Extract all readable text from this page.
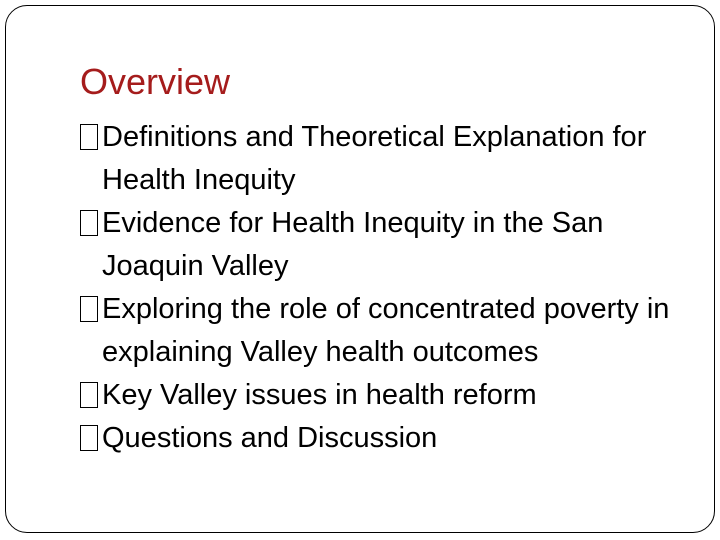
Overview
Definitions and Theoretical Explanation for Health Inequity
Evidence for Health Inequity in the San Joaquin Valley
Exploring the role of concentrated poverty in explaining Valley health outcomes
Key Valley issues in health reform
Questions and Discussion
